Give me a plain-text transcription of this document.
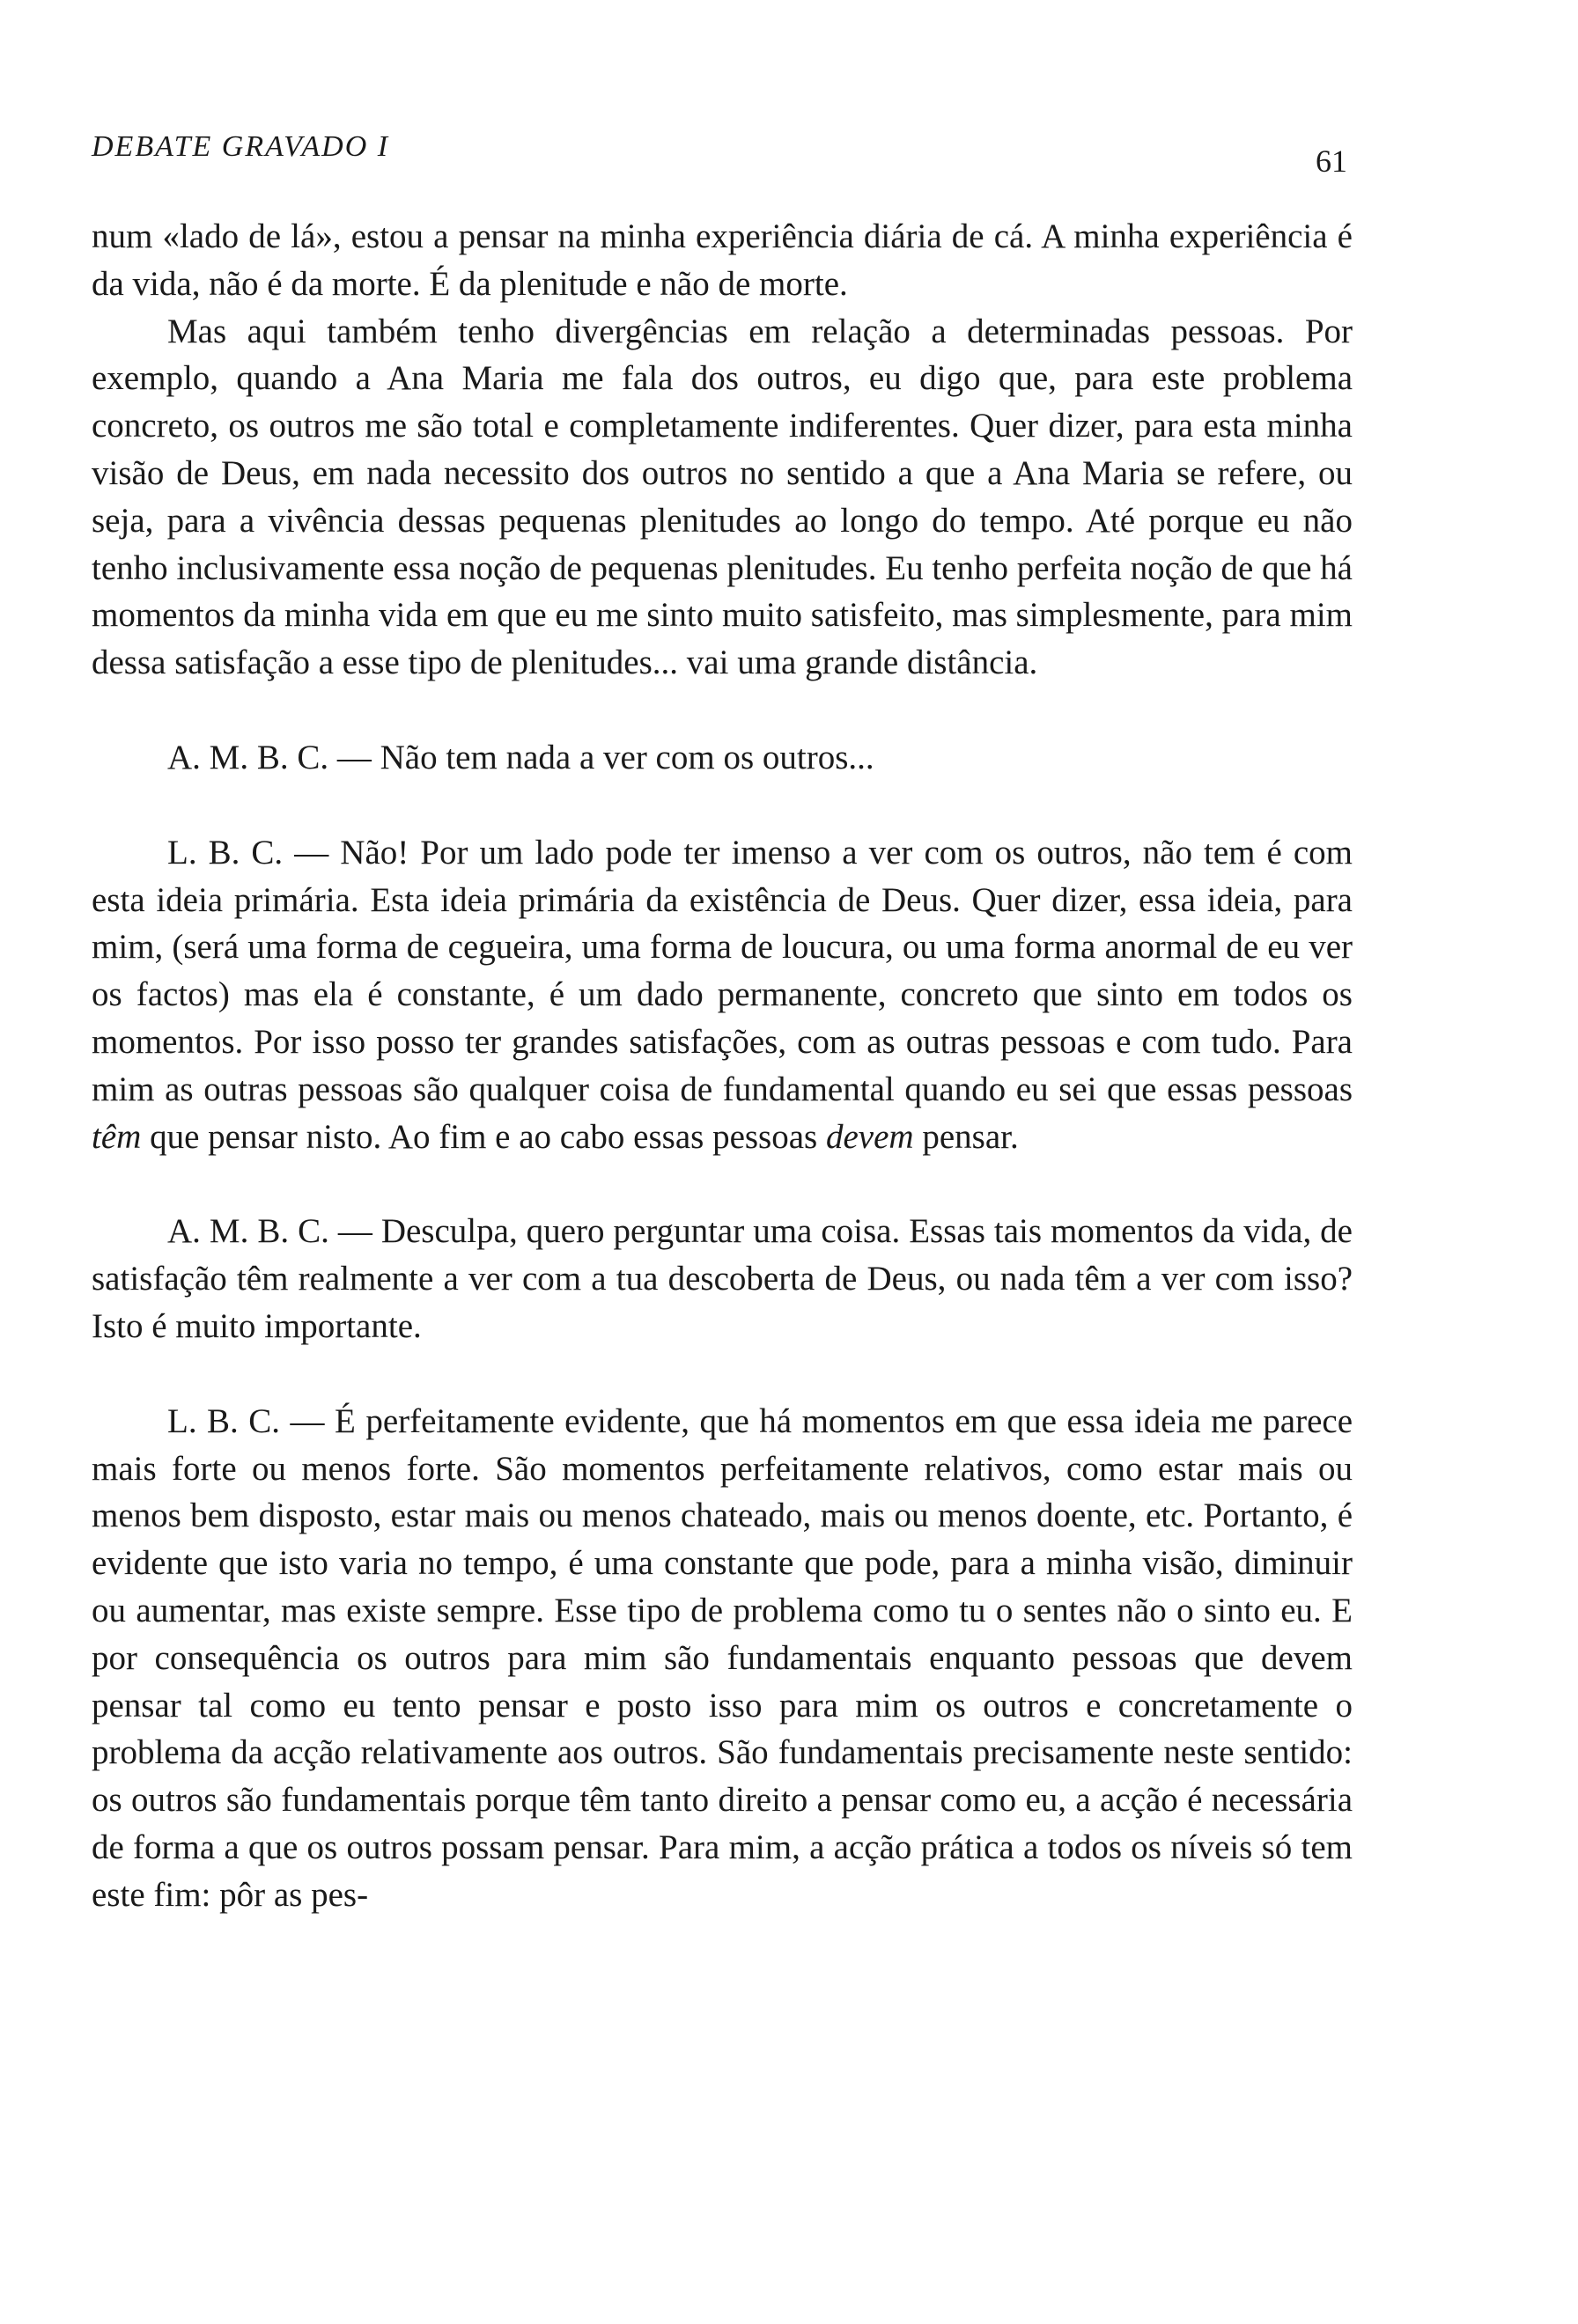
DEBATE GRAVADO I	61

num «lado de lá», estou a pensar na minha experiência diária de cá. A minha experiência é da vida, não é da morte. É da plenitude e não de morte.

Mas aqui também tenho divergências em relação a determinadas pessoas. Por exemplo, quando a Ana Maria me fala dos outros, eu digo que, para este problema concreto, os outros me são total e completamente indiferentes. Quer dizer, para esta minha visão de Deus, em nada necessito dos outros no sentido a que a Ana Maria se refere, ou seja, para a vivência dessas pequenas plenitudes ao longo do tempo. Até porque eu não tenho inclusivamente essa noção de pequenas plenitudes. Eu tenho perfeita noção de que há momentos da minha vida em que eu me sinto muito satisfeito, mas simplesmente, para mim dessa satisfação a esse tipo de plenitudes... vai uma grande distância.

A. M. B. C. — Não tem nada a ver com os outros...

L. B. C. — Não! Por um lado pode ter imenso a ver com os outros, não tem é com esta ideia primária. Esta ideia primária da existência de Deus. Quer dizer, essa ideia, para mim, (será uma forma de cegueira, uma forma de loucura, ou uma forma anormal de eu ver os factos) mas ela é constante, é um dado permanente, concreto que sinto em todos os momentos. Por isso posso ter grandes satisfações, com as outras pessoas e com tudo. Para mim as outras pessoas são qualquer coisa de fundamental quando eu sei que essas pessoas têm que pensar nisto. Ao fim e ao cabo essas pessoas devem pensar.

A. M. B. C. — Desculpa, quero perguntar uma coisa. Essas tais momentos da vida, de satisfação têm realmente a ver com a tua descoberta de Deus, ou nada têm a ver com isso? Isto é muito importante.

L. B. C. — É perfeitamente evidente, que há momentos em que essa ideia me parece mais forte ou menos forte. São momentos perfeitamente relativos, como estar mais ou menos bem disposto, estar mais ou menos chateado, mais ou menos doente, etc. Portanto, é evidente que isto varia no tempo, é uma constante que pode, para a minha visão, diminuir ou aumentar, mas existe sempre. Esse tipo de problema como tu o sentes não o sinto eu. E por consequência os outros para mim são fundamentais enquanto pessoas que devem pensar tal como eu tento pensar e posto isso para mim os outros e concretamente o problema da acção relativamente aos outros. São fundamentais precisamente neste sentido: os outros são fundamentais porque têm tanto direito a pensar como eu, a acção é necessária de forma a que os outros possam pensar. Para mim, a acção prática a todos os níveis só tem este fim: pôr as pes-
